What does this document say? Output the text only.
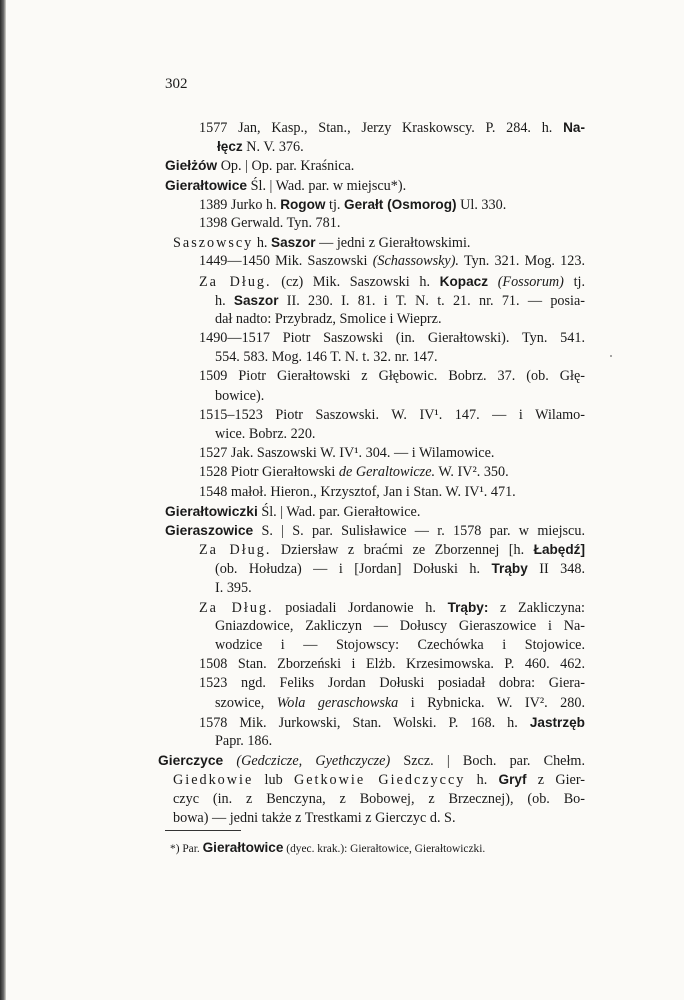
302
1577 Jan, Kasp., Stan., Jerzy Kraskowscy. P. 284. h. Na-
łęcz N. V. 376.
Giełżów Op. | Op. par. Kraśnica.
Gierałtowice Śl. | Wad. par. w miejscu*).
1389 Jurko h. Rogow tj. Gerałt (Osmorog) Ul. 330.
1398 Gerwald. Tyn. 781.
Saszowscy h. Saszor — jedni z Gierałtowskimi.
1449—1450 Mik. Saszowski (Schassowsky). Tyn. 321. Mog. 123.
Za Dług. (cz) Mik. Saszowski h. Kopacz (Fossorum) tj.
h. Saszor II. 230. I. 81. i T. N. t. 21. nr. 71. — posia-
dał nadto: Przybradz, Smolice i Wieprz.
1490—1517 Piotr Saszowski (in. Gierałtowski). Tyn. 541.
554. 583. Mog. 146 T. N. t. 32. nr. 147.
1509 Piotr Gierałtowski z Głębowic. Bobrz. 37. (ob. Głę-
bowice).
1515–1523 Piotr Saszowski. W. IV¹. 147. — i Wilamo-
wice. Bobrz. 220.
1527 Jak. Saszowski W. IV¹. 304. — i Wilamowice.
1528 Piotr Gierałtowski de Geraltowicze. W. IV². 350.
1548 małoł. Hieron., Krzysztof, Jan i Stan. W. IV¹. 471.
Gierałtowiczki Śl. | Wad. par. Gierałtowice.
Gieraszowice S. | S. par. Sulisławice — r. 1578 par. w miejscu.
Za Dług. Dziersław z braćmi ze Zborzennej [h. Łabędź]
(ob. Hołudza) — i [Jordan] Dołuski h. Trąby II 348.
I. 395.
Za Dług. posiadali Jordanowie h. Trąby: z Zakliczyna:
Gniazdowice, Zakliczyn — Dołuscy Gieraszowice i Na-
wodzice i — Stojowscy: Czechówka i Stojowice.
1508 Stan. Zborzeński i Elżb. Krzesimowska. P. 460. 462.
1523 ngd. Feliks Jordan Dołuski posiadał dobra: Giera-
szowice, Wola geraschowska i Rybnicka. W. IV². 280.
1578 Mik. Jurkowski, Stan. Wolski. P. 168. h. Jastrzęb
Papr. 186.
Gierczyce (Gedczicze, Gyethczycze) Szcz. | Boch. par. Chełm.
Giedkowie lub Getkowie Giedczyccy h. Gryf z Gier-
czyc (in. z Benczyna, z Bobowej, z Brzecznej), (ob. Bo-
bowa) — jedni także z Trestkami z Gierczyc d. S.
*) Par. Gierałtowice (dyec. krak.): Gierałtowice, Gierałtowiczki.
